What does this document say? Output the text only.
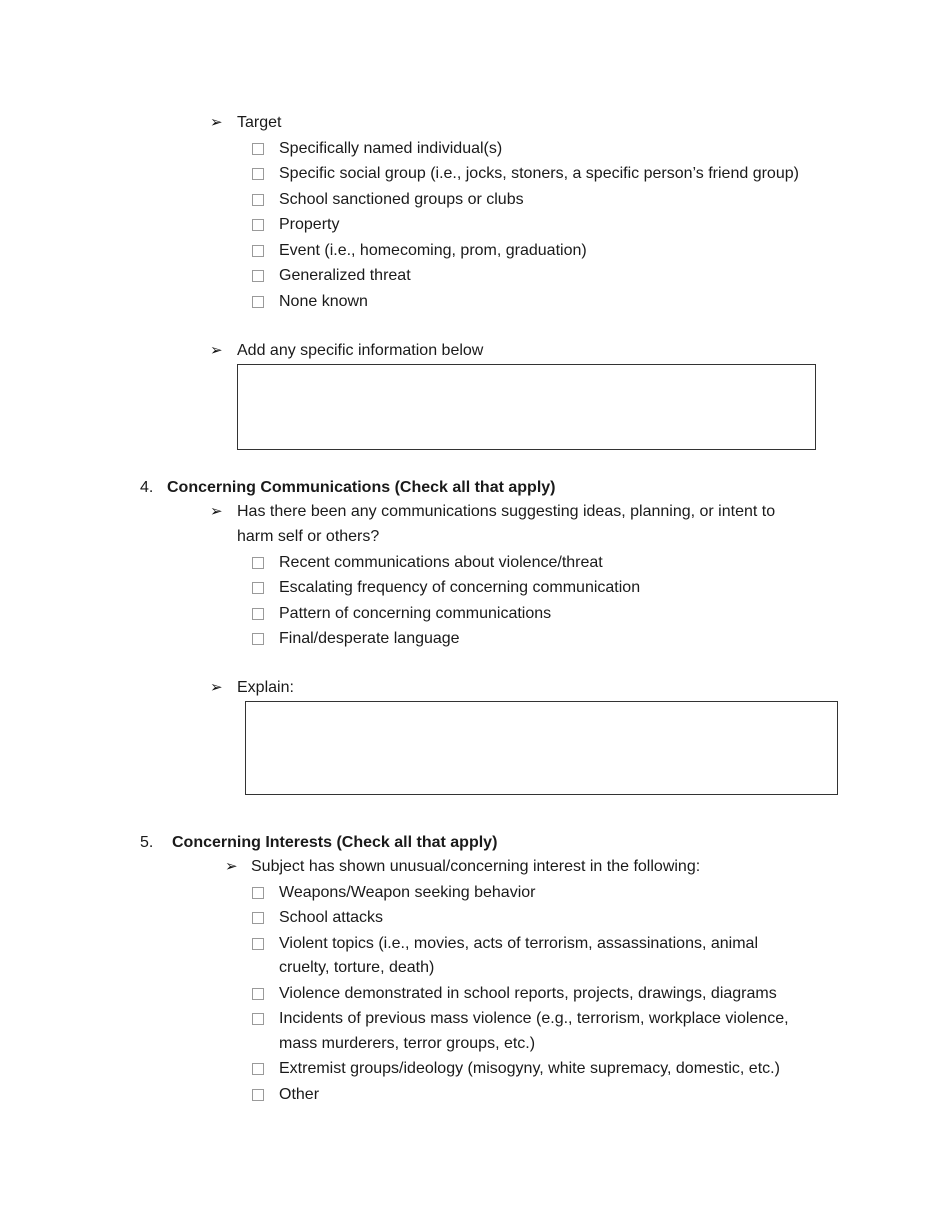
➢ Target
Specifically named individual(s)
Specific social group (i.e., jocks, stoners, a specific person’s friend group)
School sanctioned groups or clubs
Property
Event (i.e., homecoming, prom, graduation)
Generalized threat
None known
➢ Add any specific information below
4. Concerning Communications (Check all that apply)
➢ Has there been any communications suggesting ideas, planning, or intent to
harm self or others?
Recent communications about violence/threat
Escalating frequency of concerning communication
Pattern of concerning communications
Final/desperate language
➢ Explain:
5. Concerning Interests (Check all that apply)
➢ Subject has shown unusual/concerning interest in the following:
Weapons/Weapon seeking behavior
School attacks
Violent topics (i.e., movies, acts of terrorism, assassinations, animal
cruelty, torture, death)
Violence demonstrated in school reports, projects, drawings, diagrams
Incidents of previous mass violence (e.g., terrorism, workplace violence,
mass murderers, terror groups, etc.)
Extremist groups/ideology (misogyny, white supremacy, domestic, etc.)
Other
